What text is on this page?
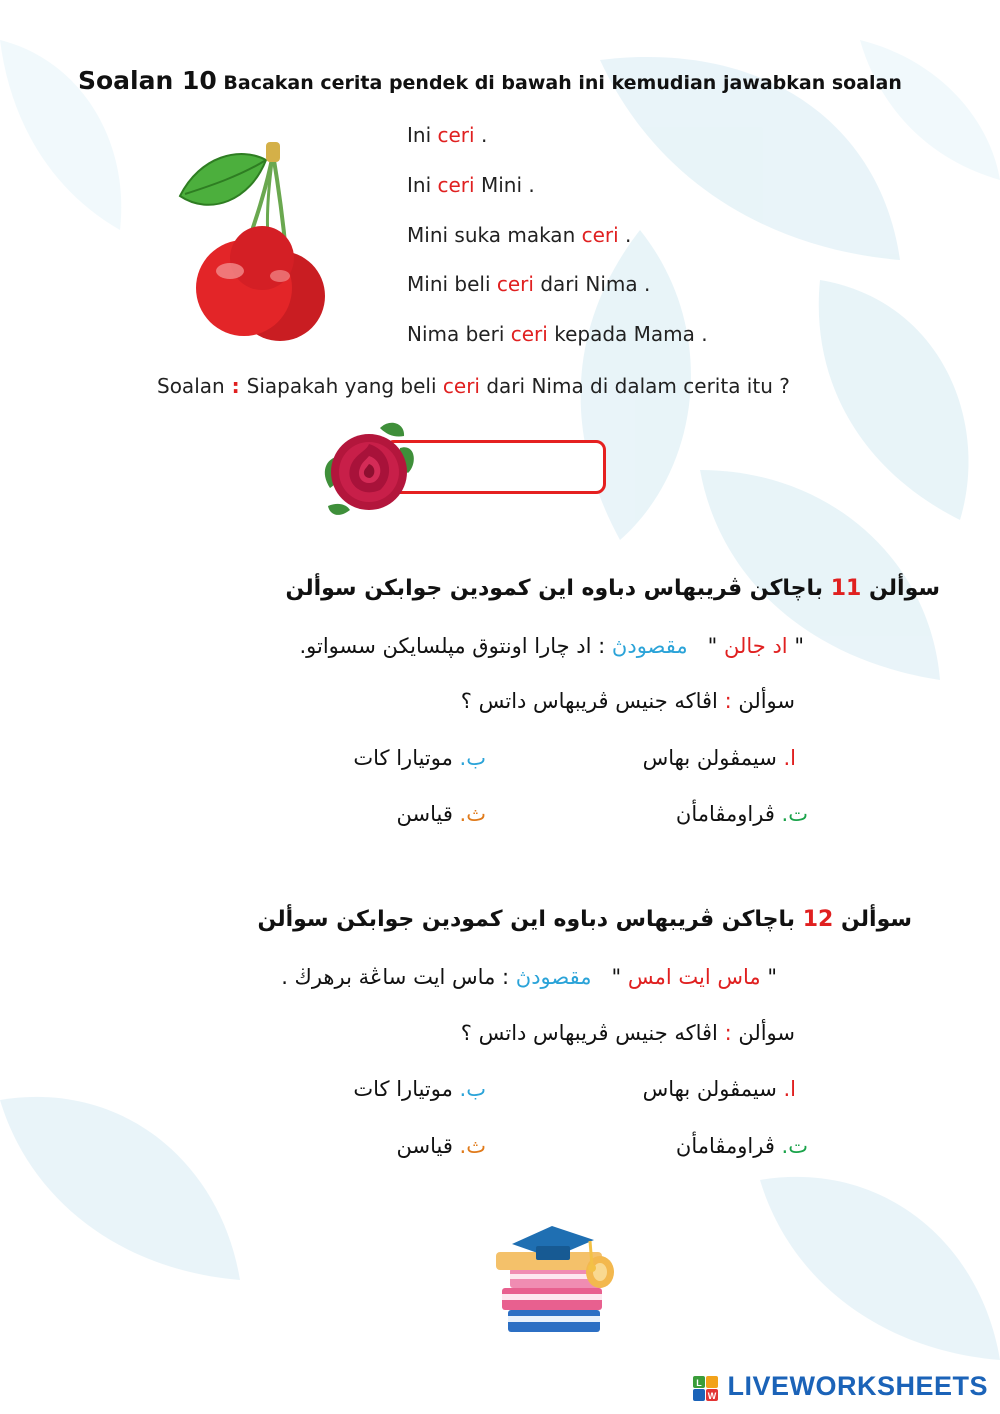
Soalan 10 Bacakan cerita pendek di bawah ini kemudian jawabkan soalan
Ini ceri .
Ini ceri Mini .
Mini suka makan ceri .
Mini beli ceri dari Nima .
Nima beri ceri kepada Mama .
Soalan : Siapakah yang beli ceri dari Nima di dalam cerita itu ?
سوألن 11 باچاکن ڤريبهاس دباوه اين کمودين جوابکن سوألن
" اد جالن "   مقصودڽ : اد چارا اونتوق مڽلسايکن سسواتو.
سوألن : اڤاکه جنيس ڤريبهاس داتس ؟
ا. سيمڤولن بهاس
ب. موتيارا کات
ت. ڤراومڤامأن
ث. قياسن
سوألن 12 باچاکن ڤريبهاس دباوه اين کمودين جوابکن سوألن
" ماس ايت امس "   مقصودڽ : ماس ايت ساڠة برهرڬ .
سوألن : اڤاکه جنيس ڤريبهاس داتس ؟
ا. سيمڤولن بهاس
ب. موتيارا کات
ت. ڤراومڤامأن
ث. قياسن
L
W LIVEWORKSHEETS
